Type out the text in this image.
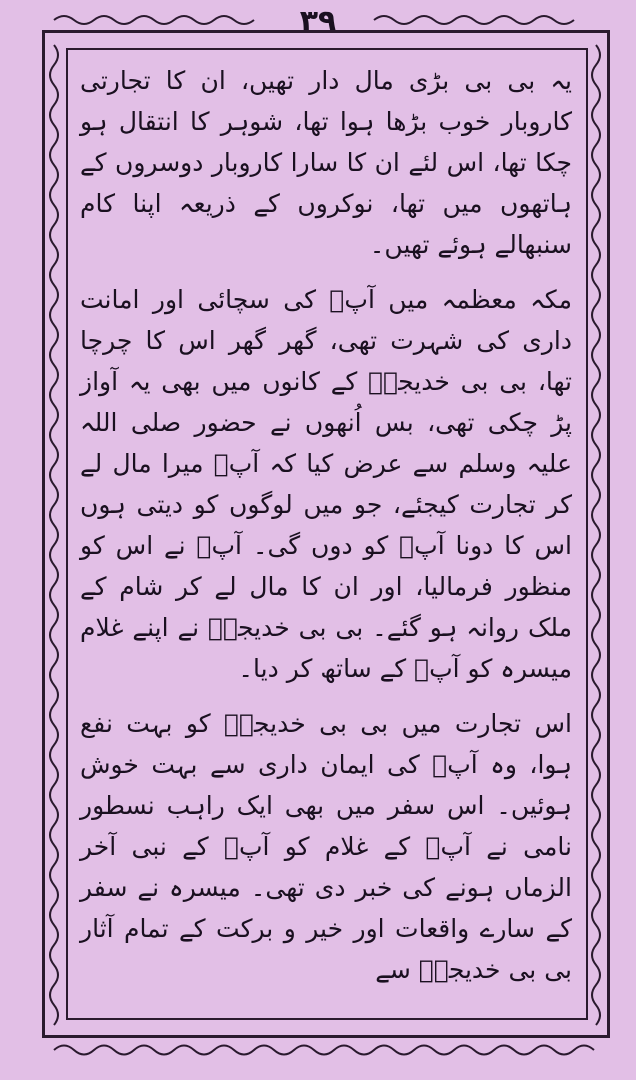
٣٩

یہ بی بی بڑی مال دار تھیں، ان کا تجارتی کاروبار خوب بڑھا ہوا تھا، شوہر کا انتقال ہو چکا تھا، اس لئے ان کا سارا کاروبار دوسروں کے ہاتھوں میں تھا، نوکروں کے ذریعہ اپنا کام سنبھالے ہوئے تھیں۔

مکہ معظمہ میں آپؐ کی سچائی اور امانت داری کی شہرت تھی، گھر گھر اس کا چرچا تھا، بی بی خدیجہؓ کے کانوں میں بھی یہ آواز پڑ چکی تھی، بس اُنھوں نے حضور صلی اللہ علیہ وسلم سے عرض کیا کہ آپؐ میرا مال لے کر تجارت کیجئے، جو میں لوگوں کو دیتی ہوں اس کا دونا آپؐ کو دوں گی۔ آپؐ نے اس کو منظور فرمالیا، اور ان کا مال لے کر شام کے ملک روانہ ہو گئے۔ بی بی خدیجہؓ نے اپنے غلام میسرہ کو آپؐ کے ساتھ کر دیا۔

اس تجارت میں بی بی خدیجہؓ کو بہت نفع ہوا، وہ آپؐ کی ایمان داری سے بہت خوش ہوئیں۔ اس سفر میں بھی ایک راہب نسطور نامی نے آپؐ کے غلام کو آپؐ کے نبی آخر الزماں ہونے کی خبر دی تھی۔ میسرہ نے سفر کے سارے واقعات اور خیر و برکت کے تمام آثار بی بی خدیجہؓ سے
